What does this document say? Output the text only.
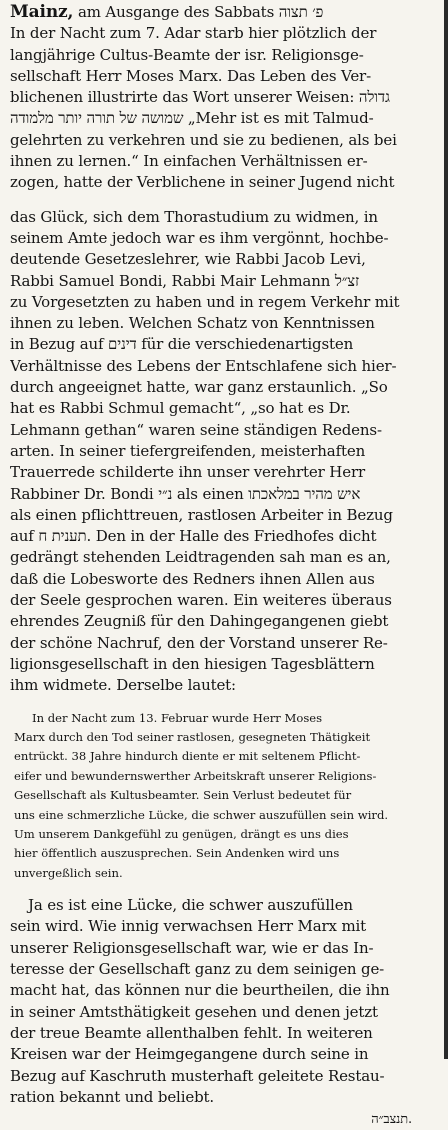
Mainz, am Ausgange des Sabbats פ׳ תצוה
In der Nacht zum 7. Adar starb hier plötzlich der
langjährige Cultus-Beamte der isr. Religionsge-
sellschaft Herr Moses Marx. Das Leben des Ver-
blichenen illustrirte das Wort unserer Weisen: גדולה
שמושה של תורה יותר מלמודה „Mehr ist es mit Talmud-
gelehrten zu verkehren und sie zu bedienen, als bei
ihnen zu lernen.“ In einfachen Verhältnissen er-
zogen, hatte der Verblichene in seiner Jugend nicht
das Glück, sich dem Thorastudium zu widmen, in
seinem Amte jedoch war es ihm vergönnt, hochbe-
deutende Gesetzeslehrer, wie Rabbi Jacob Levi,
Rabbi Samuel Bondi, Rabbi Mair Lehmann זצ״ל
zu Vorgesetzten zu haben und in regem Verkehr mit
ihnen zu leben. Welchen Schatz von Kenntnissen
in Bezug auf דינים für die verschiedenartigsten
Verhältnisse des Lebens der Entschlafene sich hier-
durch angeeignet hatte, war ganz erstaunlich. „So
hat es Rabbi Schmul gemacht“, „so hat es Dr.
Lehmann gethan“ waren seine ständigen Redens-
arten. In seiner tiefergreifenden, meisterhaften
Trauerrede schilderte ihn unser verehrter Herr
Rabbiner Dr. Bondi נ״י als einen איש מהיר במלאכתו
als einen pflichttreuen, rastlosen Arbeiter in Bezug
auf תענית ח. Den in der Halle des Friedhofes dicht
gedrängt stehenden Leidtragenden sah man es an,
daß die Lobesworte des Redners ihnen Allen aus
der Seele gesprochen waren. Ein weiteres überaus
ehrendes Zeugniß für den Dahingegangenen giebt
der schöne Nachruf, den der Vorstand unserer Re-
ligionsgesellschaft in den hiesigen Tagesblättern
ihm widmete. Derselbe lautet:
In der Nacht zum 13. Februar wurde Herr Moses
Marx durch den Tod seiner rastlosen, gesegneten Thätigkeit
entrückt. 38 Jahre hindurch diente er mit seltenem Pflicht-
eifer und bewundernswerther Arbeitskraft unserer Religions-
Gesellschaft als Kultusbeamter. Sein Verlust bedeutet für
uns eine schmerzliche Lücke, die schwer auszufüllen sein wird.
Um unserem Dankgefühl zu genügen, drängt es uns dies
hier öffentlich auszusprechen. Sein Andenken wird uns
unvergeßlich sein.
Ja es ist eine Lücke, die schwer auszufüllen
sein wird. Wie innig verwachsen Herr Marx mit
unserer Religionsgesellschaft war, wie er das In-
teresse der Gesellschaft ganz zu dem seinigen ge-
macht hat, das können nur die beurtheilen, die ihn
in seiner Amtsthätigkeit gesehen und denen jetzt
der treue Beamte allenthalben fehlt. In weiteren
Kreisen war der Heimgegangene durch seine in
Bezug auf Kaschruth musterhaft geleitete Restau-
ration bekannt und beliebt.
תנצב״ה.
